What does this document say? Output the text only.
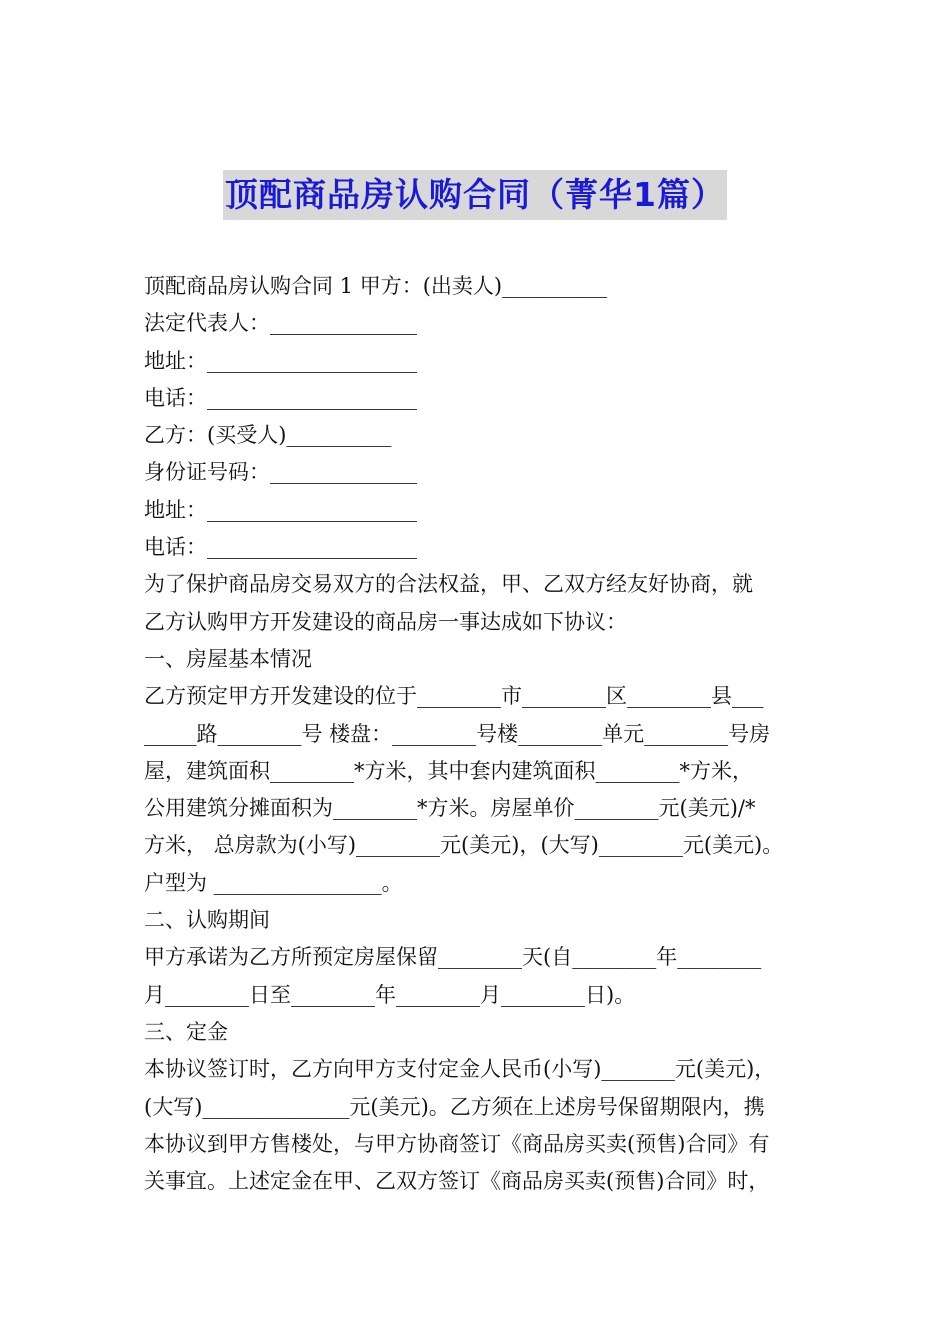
顶配商品房认购合同（菁华1篇）
顶配商品房认购合同 1 甲方：(出卖人)__________
法定代表人：______________
地址：____________________
电话：____________________
乙方：(买受人)__________
身份证号码：______________
地址：____________________
电话：____________________
为了保护商品房交易双方的合法权益，甲、乙双方经友好协商，就
乙方认购甲方开发建设的商品房一事达成如下协议：
一、房屋基本情况
乙方预定甲方开发建设的位于________市________区________县___
_____路________号 楼盘：________号楼________单元________号房
屋，建筑面积________*方米，其中套内建筑面积________*方米，
公用建筑分摊面积为________*方米。房屋单价________元(美元)/*
方米， 总房款为(小写)________元(美元)，(大写)________元(美元)。
户型为 ________________。
二、认购期间
甲方承诺为乙方所预定房屋保留________天(自________年________
月________日至________年________月________日)。
三、定金
本协议签订时，乙方向甲方支付定金人民币(小写)_______元(美元)，
(大写)______________元(美元)。乙方须在上述房号保留期限内，携
本协议到甲方售楼处，与甲方协商签订《商品房买卖(预售)合同》有
关事宜。上述定金在甲、乙双方签订《商品房买卖(预售)合同》时，
